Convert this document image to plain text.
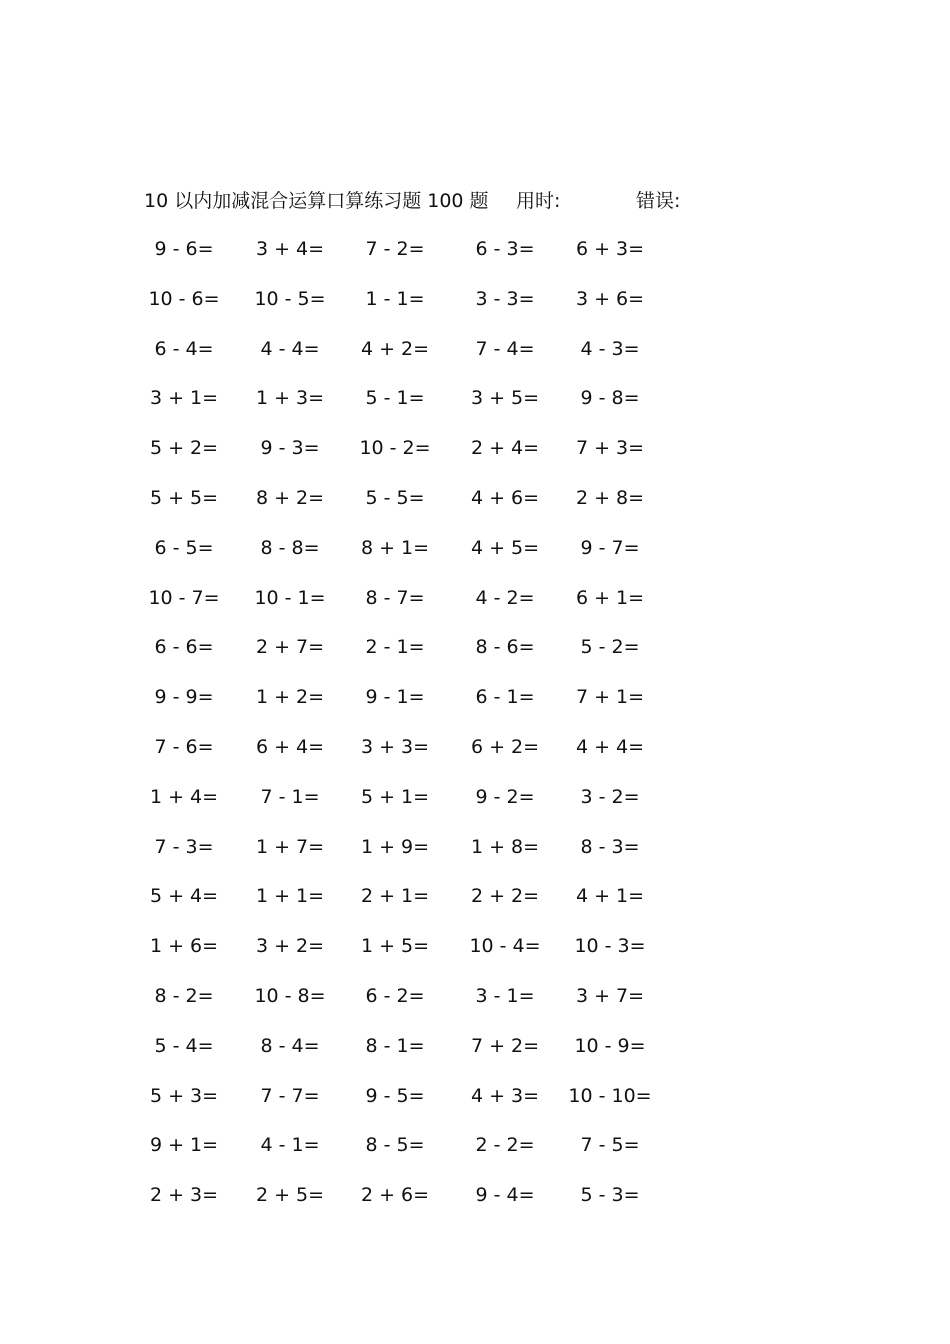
10 以内加减混合运算口算练习题 100 题 用时:	错误:
9 - 6=	3 + 4=	7 - 2=	6 - 3=	6 + 3=
10 - 6=	10 - 5=	1 - 1=	3 - 3=	3 + 6=
6 - 4=	4 - 4=	4 + 2=	7 - 4=	4 - 3=
3 + 1=	1 + 3=	5 - 1=	3 + 5=	9 - 8=
5 + 2=	9 - 3=	10 - 2=	2 + 4=	7 + 3=
5 + 5=	8 + 2=	5 - 5=	4 + 6=	2 + 8=
6 - 5=	8 - 8=	8 + 1=	4 + 5=	9 - 7=
10 - 7=	10 - 1=	8 - 7=	4 - 2=	6 + 1=
6 - 6=	2 + 7=	2 - 1=	8 - 6=	5 - 2=
9 - 9=	1 + 2=	9 - 1=	6 - 1=	7 + 1=
7 - 6=	6 + 4=	3 + 3=	6 + 2=	4 + 4=
1 + 4=	7 - 1=	5 + 1=	9 - 2=	3 - 2=
7 - 3=	1 + 7=	1 + 9=	1 + 8=	8 - 3=
5 + 4=	1 + 1=	2 + 1=	2 + 2=	4 + 1=
1 + 6=	3 + 2=	1 + 5=	10 - 4=	10 - 3=
8 - 2=	10 - 8=	6 - 2=	3 - 1=	3 + 7=
5 - 4=	8 - 4=	8 - 1=	7 + 2=	10 - 9=
5 + 3=	7 - 7=	9 - 5=	4 + 3=	10 - 10=
9 + 1=	4 - 1=	8 - 5=	2 - 2=	7 - 5=
2 + 3=	2 + 5=	2 + 6=	9 - 4=	5 - 3=
